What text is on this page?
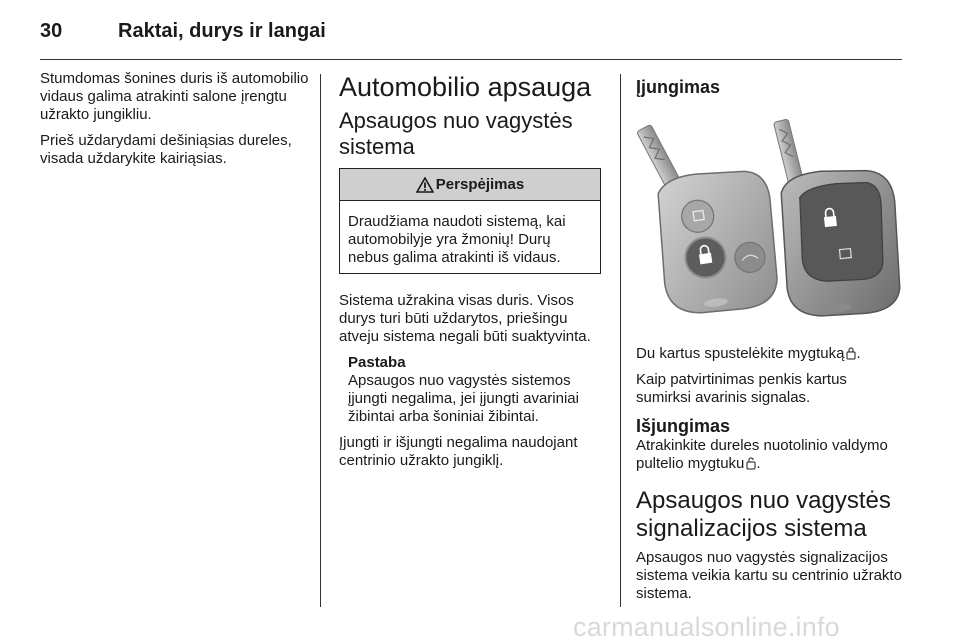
30	Raktai, durys ir langai

Stumdomas šonines duris iš automobilio vidaus galima atrakinti salone įrengtu užrakto jungikliu.

Prieš uždarydami dešiniąsias dureles, visada uždarykite kairiąsias.

Automobilio apsauga
Apsaugos nuo vagystės sistema
Perspėjimas

Draudžiama naudoti sistemą, kai automobilyje yra žmonių! Durų nebus galima atrakinti iš vidaus.

Sistema užrakina visas duris. Visos durys turi būti uždarytos, priešingu atveju sistema negali būti suaktyvinta.

Pastaba

Apsaugos nuo vagystės sistemos įjungti negalima, jei įjungti avariniai žibintai arba šoniniai žibintai.

Įjungti ir išjungti negalima naudojant centrinio užrakto jungiklį.

Įjungimas

Du kartus spustelėkite mygtuką .

Kaip patvirtinimas penkis kartus sumirksi avarinis signalas.

Išjungimas

Atrakinkite dureles nuotolinio valdymo pultelio mygtuku .

Apsaugos nuo vagystės signalizacijos sistema

Apsaugos nuo vagystės signalizacijos sistema veikia kartu su centrinio užrakto sistema.

carmanualsonline.info
